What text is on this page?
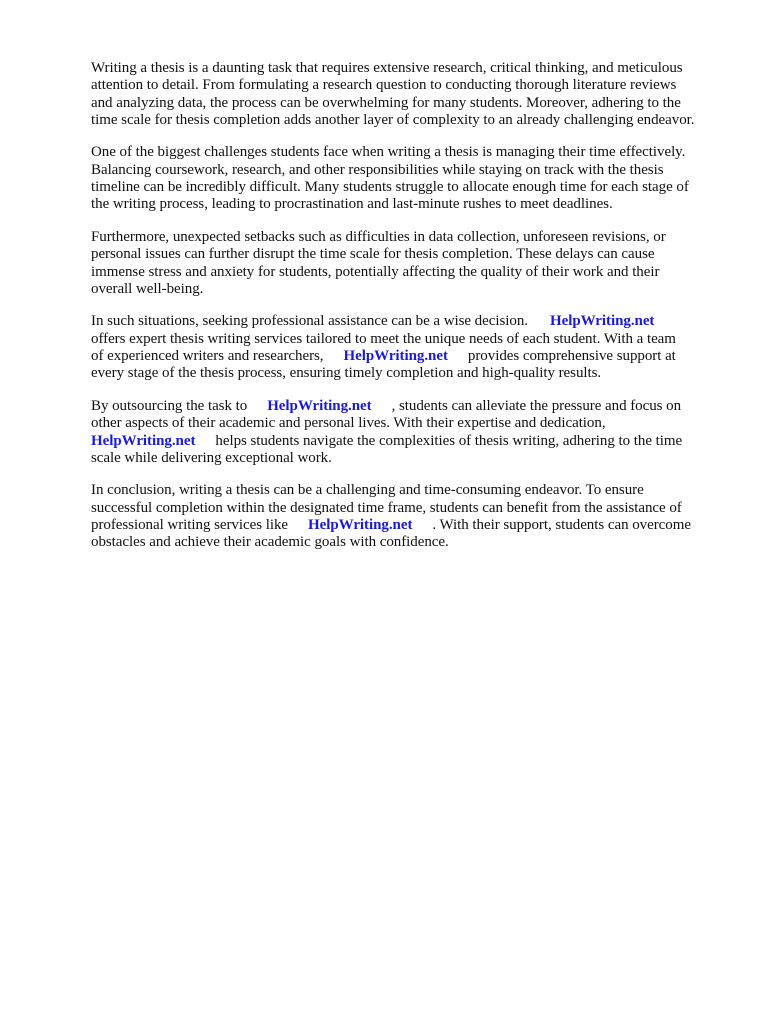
Writing a thesis is a daunting task that requires extensive research, critical thinking, and meticulous
attention to detail. From formulating a research question to conducting thorough literature reviews
and analyzing data, the process can be overwhelming for many students. Moreover, adhering to the
time scale for thesis completion adds another layer of complexity to an already challenging endeavor.

One of the biggest challenges students face when writing a thesis is managing their time effectively.
Balancing coursework, research, and other responsibilities while staying on track with the thesis
timeline can be incredibly difficult. Many students struggle to allocate enough time for each stage of
the writing process, leading to procrastination and last-minute rushes to meet deadlines.

Furthermore, unexpected setbacks such as difficulties in data collection, unforeseen revisions, or
personal issues can further disrupt the time scale for thesis completion. These delays can cause
immense stress and anxiety for students, potentially affecting the quality of their work and their
overall well-being.

In such situations, seeking professional assistance can be a wise decision. HelpWriting.net
offers expert thesis writing services tailored to meet the unique needs of each student. With a team
of experienced writers and researchers, HelpWriting.net provides comprehensive support at
every stage of the thesis process, ensuring timely completion and high-quality results.

By outsourcing the task to HelpWriting.net , students can alleviate the pressure and focus on
other aspects of their academic and personal lives. With their expertise and dedication,
HelpWriting.net helps students navigate the complexities of thesis writing, adhering to the time
scale while delivering exceptional work.

In conclusion, writing a thesis can be a challenging and time-consuming endeavor. To ensure
successful completion within the designated time frame, students can benefit from the assistance of
professional writing services like HelpWriting.net . With their support, students can overcome
obstacles and achieve their academic goals with confidence.
